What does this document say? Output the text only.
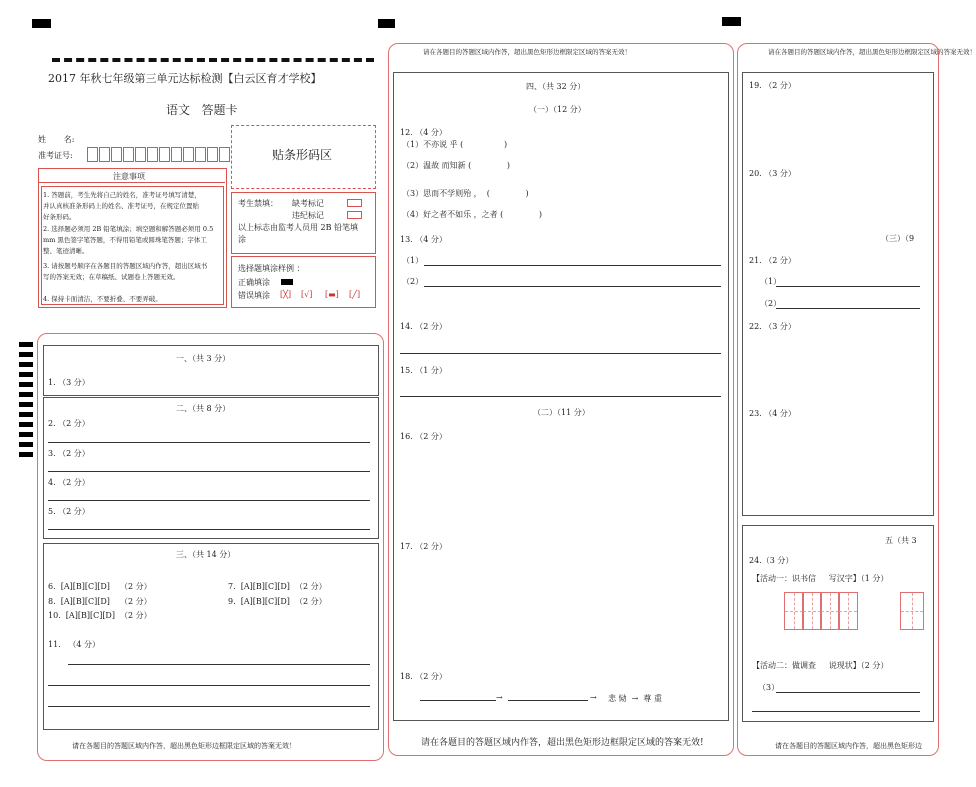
2017 年秋七年级第三单元达标检测【白云区育才学校】
语文   答题卡
姓       名:
准考证号:	贴条形码区
注意事项
1. 答题前，考生先将自己的姓名，准考证号填写清楚，并认真核准条形码上的姓名、准考证号，在规定位置贴好条形码。
2. 选择题必须用 2B 铅笔填涂；填空题和解答题必须用 0.5 mm 黑色签字笔答题，不得用铅笔或圆珠笔答题；字体工整、笔迹清晰。
3. 请按题号顺序在各题目的答题区域内作答，超出区域书写的答案无效；在草稿纸、试题卷上答题无效。
4. 保持卡面清洁，不要折叠、不要弄破。
考生禁填： 缺考标记
违纪标记
以上标志由监考人员用 2B 铅笔填涂
选择题填涂样例 ：
正确填涂
错误填涂 [╳] [√] [▬] [╱]
一、（共 3 分）
1. （3 分）
二、（共 8 分）
2. （2 分）
3. （2 分）
4. （2 分）
5. （2 分）
三、（共 14 分）
6.  [A][B][C][D]    （2 分）
8.  [A][B][C][D]    （2 分）
10.  [A][B][C][D]  （2 分）
7.  [A][B][C][D]  （2 分）
9.  [A][B][C][D]  （2 分）
11.   （4 分）
请在各题目的答题区域内作答，超出黑色矩形边框限定区域的答案无效！
请在各题目的答题区域内作答，超出黑色矩形边框限定区域的答案无效！
四、（共 32 分）
（一）（12 分）
12. （4 分）
（1）不亦说 乎 (                )
（2）温故 而知新 (              )
（3）思而不学则殆 ，  (              )
（4）好之者不如乐 ，之者 (              )
13. （4 分）
（1）
（2）
14. （2 分）
15. （1 分）
（二）（11 分）
16. （2 分）
17. （2 分）
18. （2 分）
→	→ 悲 恸  →  尊 重
请在各题目的答题区域内作答，超出黑色矩形边框限定区域的答案无效!
请在各题目的答题区域内作答，超出黑色矩形边框限定区域的答案无效！
19. （2 分）
20. （3 分）
（三）（9
21. （2 分）
（1）
（2）
22. （3 分）
23. （4 分）
五（共 3
24.（3 分）
【活动一：识书信     写汉字】（1 分）
【活动二：做调查     说现状】（2 分）
（3）
请在各题目的答题区域内作答，超出黑色矩形边
